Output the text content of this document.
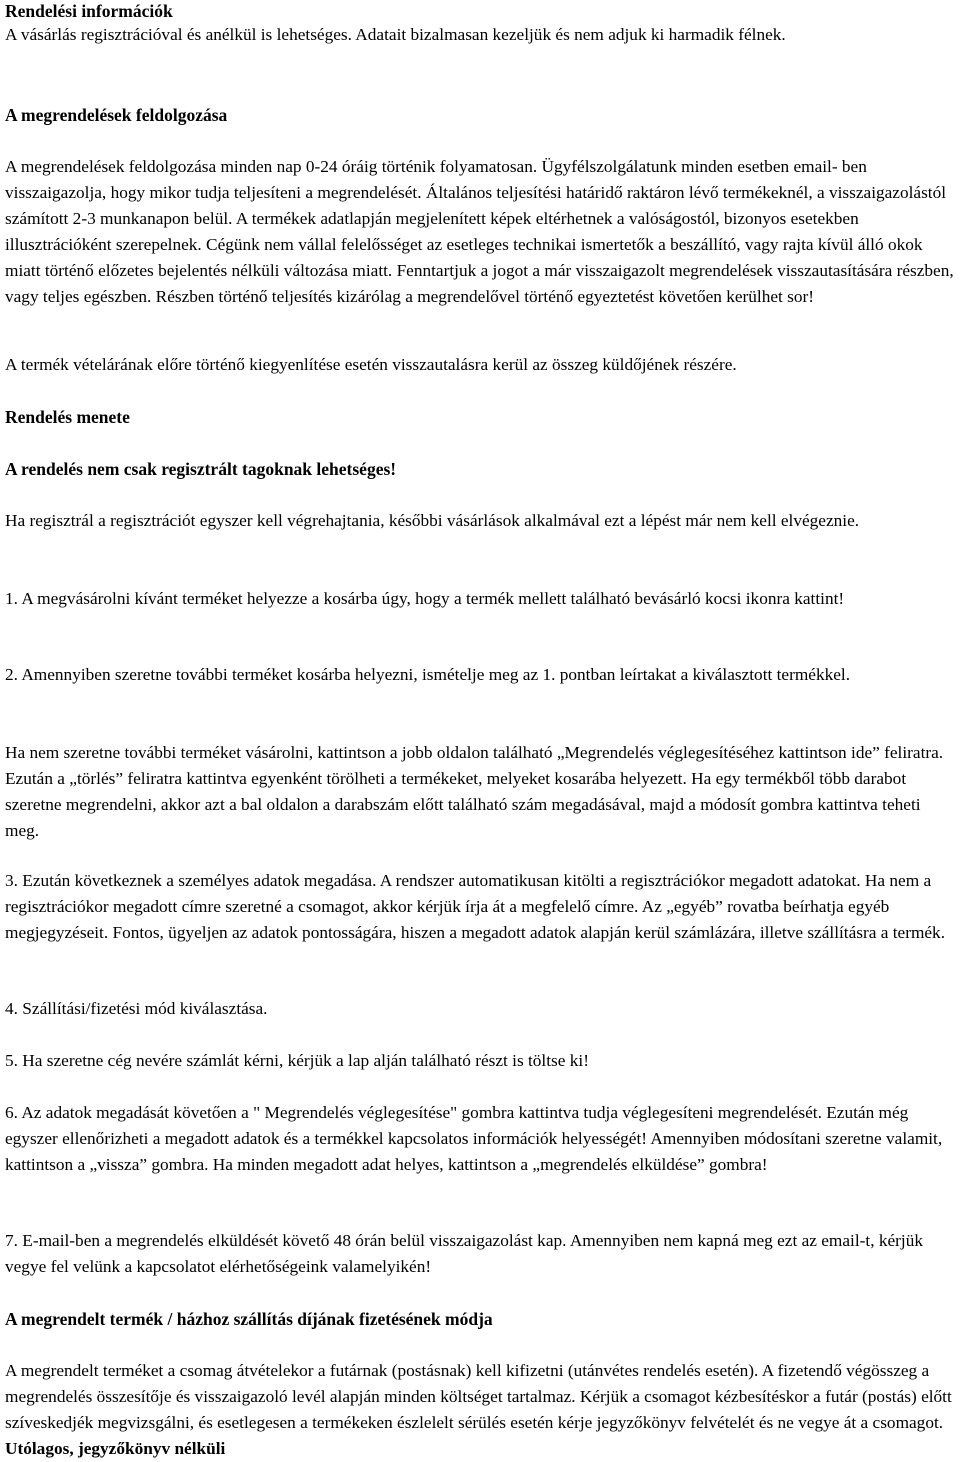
Rendelési információk

A vásárlás regisztrációval és anélkül is lehetséges. Adatait bizalmasan kezeljük és nem adjuk ki harmadik félnek.

A megrendelések feldolgozása

A megrendelések feldolgozása minden nap 0-24 óráig történik folyamatosan. Ügyfélszolgálatunk minden esetben email- ben visszaigazolja, hogy mikor tudja teljesíteni a megrendelését. Általános teljesítési határidő raktáron lévő termékeknél, a visszaigazolástól számított 2-3 munkanapon belül. A termékek adatlapján megjelenített képek eltérhetnek a valóságostól, bizonyos esetekben illusztrációként szerepelnek. Cégünk nem vállal felelősséget az esetleges technikai ismertetők a beszállító, vagy rajta kívül álló okok miatt történő előzetes bejelentés nélküli változása miatt. Fenntartjuk a jogot a már visszaigazolt megrendelések visszautasítására részben, vagy teljes egészben. Részben történő teljesítés kizárólag a megrendelővel történő egyeztetést követően kerülhet sor!

A termék vételárának előre történő kiegyenlítése esetén visszautalásra kerül az összeg küldőjének részére.

Rendelés menete

A rendelés nem csak regisztrált tagoknak lehetséges!

Ha regisztrál a regisztrációt egyszer kell végrehajtania, későbbi vásárlások alkalmával ezt a lépést már nem kell elvégeznie.

1. A megvásárolni kívánt terméket helyezze a kosárba úgy, hogy a termék mellett található bevásárló kocsi ikonra kattint!

2. Amennyiben szeretne további terméket kosárba helyezni, ismételje meg az 1. pontban leírtakat a kiválasztott termékkel.

Ha nem szeretne további terméket vásárolni, kattintson a jobb oldalon található „Megrendelés véglegesítéséhez kattintson ide” feliratra. Ezután a „törlés” feliratra kattintva egyenként törölheti a termékeket, melyeket kosarába helyezett. Ha egy termékből több darabot szeretne megrendelni, akkor azt a bal oldalon a darabszám előtt található szám megadásával, majd a módosít gombra kattintva teheti meg.

3. Ezután következnek a személyes adatok megadása. A rendszer automatikusan kitölti a regisztrációkor megadott adatokat. Ha nem a regisztrációkor megadott címre szeretné a csomagot, akkor kérjük írja át a megfelelő címre. Az „egyéb” rovatba beírhatja egyéb megjegyzéseit. Fontos, ügyeljen az adatok pontosságára, hiszen a megadott adatok alapján kerül számlázára, illetve szállításra a termék.

4. Szállítási/fizetési mód kiválasztása.

5. Ha szeretne cég nevére számlát kérni, kérjük a lap alján található részt is töltse ki!

6. Az adatok megadását követően a " Megrendelés véglegesítése" gombra kattintva tudja véglegesíteni megrendelését. Ezután még egyszer ellenőrizheti a megadott adatok és a termékkel kapcsolatos információk helyességét! Amennyiben módosítani szeretne valamit, kattintson a „vissza” gombra. Ha minden megadott adat helyes, kattintson a „megrendelés elküldése” gombra!

7. E-mail-ben a megrendelés elküldését követő 48 órán belül visszaigazolást kap. Amennyiben nem kapná meg ezt az email-t, kérjük vegye fel velünk a kapcsolatot elérhetőségeink valamelyikén!

A megrendelt termék / házhoz szállítás díjának fizetésének módja

A megrendelt terméket a csomag átvételekor a futárnak (postásnak) kell kifizetni (utánvétes rendelés esetén). A fizetendő végösszeg a megrendelés összesítője és visszaigazoló levél alapján minden költséget tartalmaz. Kérjük a csomagot kézbesítéskor a futár (postás) előtt szíveskedjék megvizsgálni, és esetlegesen a termékeken észlelelt sérülés esetén kérje jegyzőkönyv felvételét és ne vegye át a csomagot. Utólagos, jegyzőkönyv nélküli
